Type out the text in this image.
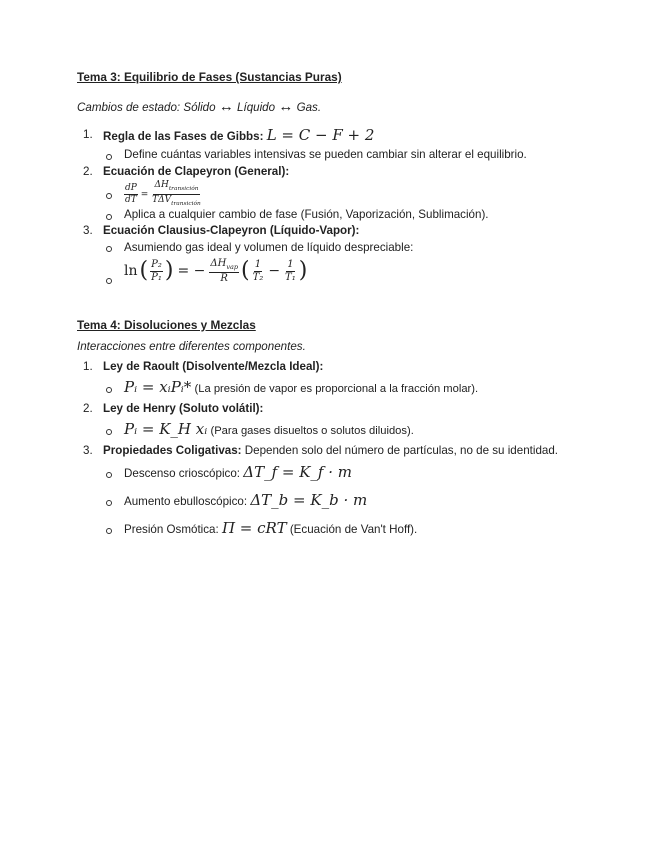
Tema 3: Equilibrio de Fases (Sustancias Puras)

Cambios de estado: Sólido ↔ Líquido ↔ Gas.

1. Regla de las Fases de Gibbs: L = C − F + 2
Define cuántas variables intensivas se pueden cambiar sin alterar el equilibrio.
2. Ecuación de Clapeyron (General):
$\frac{dP}{dT} = \frac{\Delta H_{transición}}{T\Delta V_{transición}}$
Aplica a cualquier cambio de fase (Fusión, Vaporización, Sublimación).
3. Ecuación Clausius-Clapeyron (Líquido-Vapor):
Asumiendo gas ideal y volumen de líquido despreciable:
ln ( $\frac{\text{P₂}}{\text{P₁}}$ ) = − $\frac{\Delta H_{vap}}{R}$ ( $\frac{1}{\text{T₂}} - \frac{1}{\text{T₁}}$ )

Tema 4: Disoluciones y Mezclas

Interacciones entre diferentes componentes.

1. Ley de Raoult (Disolvente/Mezcla Ideal):
Pᵢ = xᵢPᵢ* (La presión de vapor es proporcional a la fracción molar).
2. Ley de Henry (Soluto volátil):
Pᵢ = K_H xᵢ (Para gases disueltos o solutos diluidos).
3. Propiedades Coligativas: Dependen solo del número de partículas, no de su identidad.
Descenso crioscópico: ΔT_f = K_f · m
Aumento ebulloscópico: ΔT_b = K_b · m
Presión Osmótica: Π = cRT (Ecuación de Van't Hoff).
